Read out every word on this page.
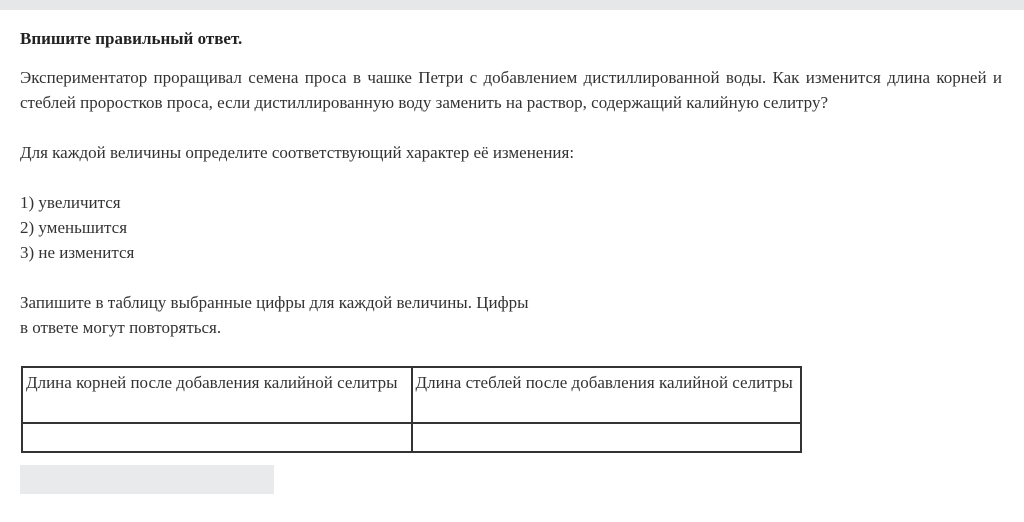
Впишите правильный ответ.

Экспериментатор проращивал семена проса в чашке Петри с добавлением дистиллированной воды. Как изменится длина корней и стеблей проростков проса, если дистиллированную воду заменить на раствор, содержащий калийную селитру?

Для каждой величины определите соответствующий характер её изменения:

1) увеличится
2) уменьшится
3) не изменится

Запишите в таблицу выбранные цифры для каждой величины. Цифры
в ответе могут повторяться.

Длина корней после добавления калийной селитры	Длина стеблей после добавления калийной селитры
